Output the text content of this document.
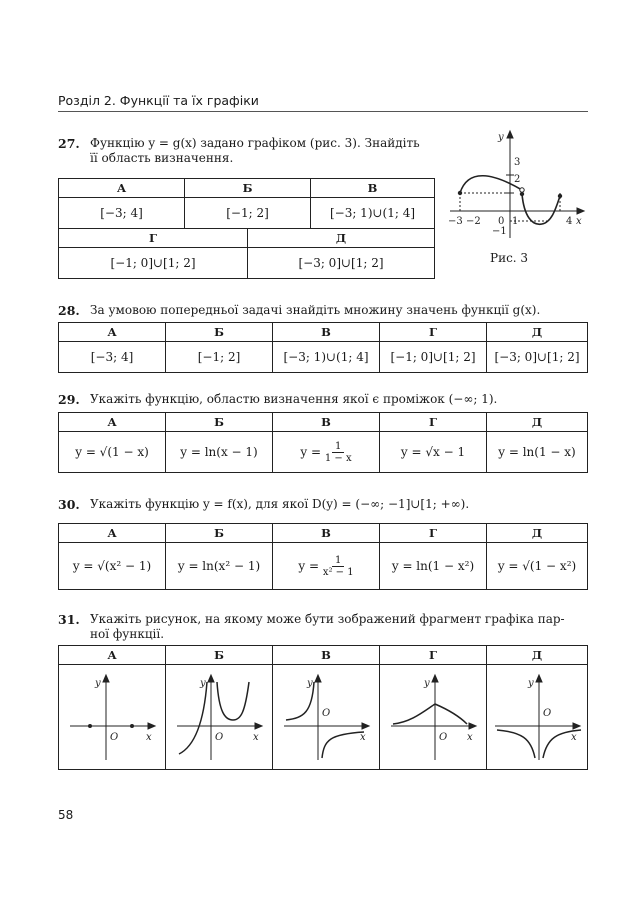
Розділ 2. Функції та їх графіки
27. Функцію y = g(x) задано графіком (рис. 3). Знайдіть
її область визначення.
А	Б	В
[−3; 4]	[−1; 2]	[−3; 1)∪(1; 4]
Г	Д
[−1; 0]∪[1; 2]	[−3; 0]∪[1; 2]
y
x
−3 −2 0 1	4
3
2
−1
Рис. 3
28. За умовою попередньої задачі знайдіть множину значень функції g(x).
А	Б	В	Г	Д
[−3; 4]	[−1; 2]	[−3; 1)∪(1; 4]	[−1; 0]∪[1; 2]	[−3; 0]∪[1; 2]
29. Укажіть функцію, областю визначення якої є проміжок (−∞; 1).
А	Б	В	Г	Д
y = √(1 − x)	y = ln(x − 1)	$y = \frac{1}{1 - x}$	y = √x − 1	y = ln(1 − x)
30. Укажіть функцію y = f(x), для якої D(y) = (−∞; −1]∪[1; +∞).
А	Б	В	Г	Д
y = √(x² − 1)	y = ln(x² − 1)	$y = \frac{1}{\text{x² − 1}}$	y = ln(1 − x²)	y = √(1 − x²)
31. Укажіть рисунок, на якому може бути зображений фрагмент графіка пар-
ної функції.
А	Б	В	Г	Д

y
x
O	y
x
O	y
x
O	y
x
O	y
x
O
58
